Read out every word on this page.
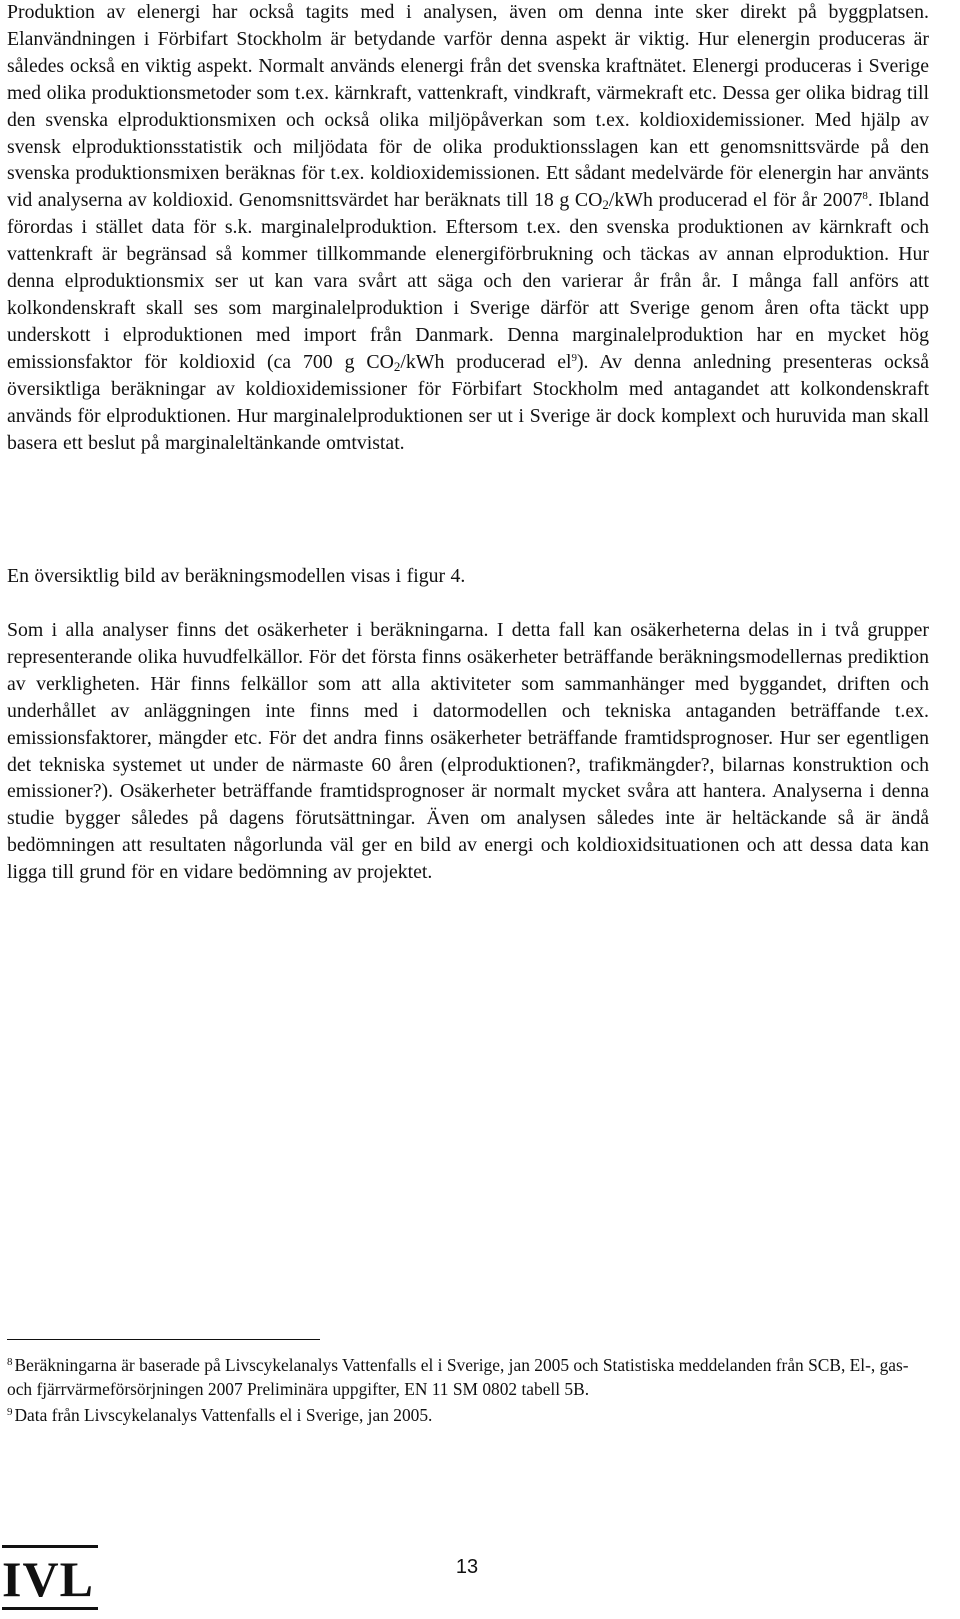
Produktion av elenergi har också tagits med i analysen, även om denna inte sker direkt på byggplatsen. Elanvändningen i Förbifart Stockholm är betydande varför denna aspekt är viktig. Hur elenergin produceras är således också en viktig aspekt. Normalt används elenergi från det svenska kraftnätet. Elenergi produceras i Sverige med olika produktionsmetoder som t.ex. kärnkraft, vattenkraft, vindkraft, värmekraft etc. Dessa ger olika bidrag till den svenska elproduktionsmixen och också olika miljöpåverkan som t.ex. koldioxidemissioner. Med hjälp av svensk elproduktionsstatistik och miljödata för de olika produktionsslagen kan ett genomsnittsvärde på den svenska produktionsmixen beräknas för t.ex. koldioxidemissionen. Ett sådant medelvärde för elenergin har använts vid analyserna av koldioxid. Genomsnittsvärdet har beräknats till 18 g $CO_2$/kWh producerad el för år 2007$^8$. Ibland förordas i stället data för s.k. marginalelproduktion. Eftersom t.ex. den svenska produktionen av kärnkraft och vattenkraft är begränsad så kommer tillkommande elenergiförbrukning och täckas av annan elproduktion. Hur denna elproduktionsmix ser ut kan vara svårt att säga och den varierar år från år. I många fall anförs att kolkondenskraft skall ses som marginalelproduktion i Sverige därför att Sverige genom åren ofta täckt upp underskott i elproduktionen med import från Danmark. Denna marginalelproduktion har en mycket hög emissionsfaktor för koldioxid (ca 700 g $CO_2$/kWh producerad $el^9$). Av denna anledning presenteras också översiktliga beräkningar av koldioxidemissioner för Förbifart Stockholm med antagandet att kolkondenskraft används för elproduktionen. Hur marginalelproduktionen ser ut i Sverige är dock komplext och huruvida man skall basera ett beslut på marginaleltänkande omtvistat.

En översiktlig bild av beräkningsmodellen visas i figur 4.

Som i alla analyser finns det osäkerheter i beräkningarna. I detta fall kan osäkerheterna delas in i två grupper representerande olika huvudfelkällor. För det första finns osäkerheter beträffande beräkningsmodellernas prediktion av verkligheten. Här finns felkällor som att alla aktiviteter som sammanhänger med byggandet, driften och underhållet av anläggningen inte finns med i datormodellen och tekniska antaganden beträffande t.ex. emissionsfaktorer, mängder etc. För det andra finns osäkerheter beträffande framtidsprognoser. Hur ser egentligen det tekniska systemet ut under de närmaste 60 åren (elproduktionen?, trafikmängder?, bilarnas konstruktion och emissioner?). Osäkerheter beträffande framtidsprognoser är normalt mycket svåra att hantera. Analyserna i denna studie bygger således på dagens förutsättningar. Även om analysen således inte är heltäckande så är ändå bedömningen att resultaten någorlunda väl ger en bild av energi och koldioxidsituationen och att dessa data kan ligga till grund för en vidare bedömning av projektet.

$^8$ Beräkningarna är baserade på Livscykelanalys Vattenfalls el i Sverige, jan 2005 och Statistiska meddelanden från SCB, El-, gas- och fjärrvärmeförsörjningen 2007 Preliminära uppgifter, EN 11 SM 0802 tabell 5B.

$^9$ Data från Livscykelanalys Vattenfalls el i Sverige, jan 2005.

IVL	13
